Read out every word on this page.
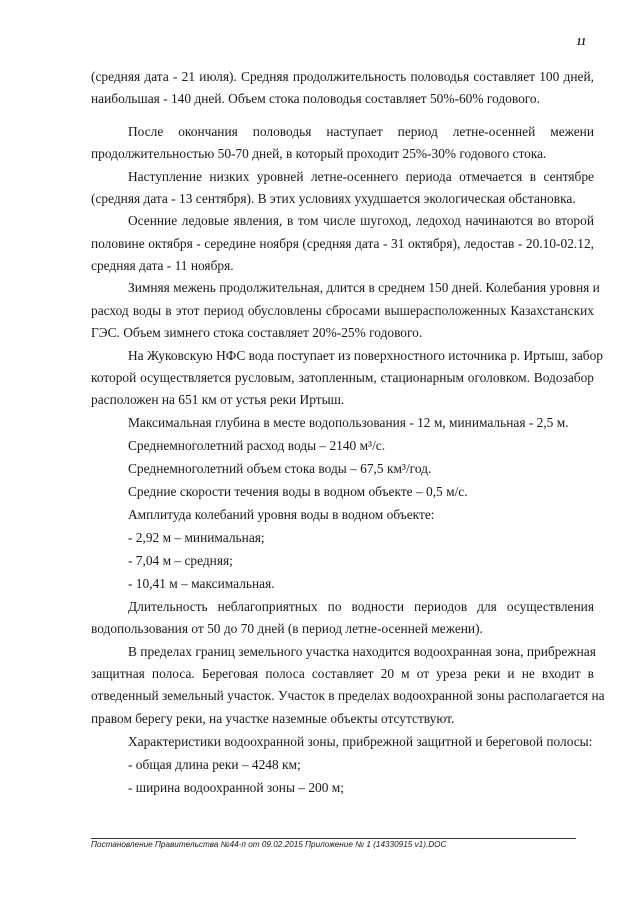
11
(средняя дата - 21 июля). Средняя продолжительность половодья составляет 100 дней,
наибольшая - 140 дней. Объем стока половодья составляет 50%-60% годового.
После окончания половодья наступает период летне-осенней межени
продолжительностью 50-70 дней, в который проходит 25%-30% годового стока.
Наступление низких уровней летне-осеннего периода отмечается в сентябре
(средняя дата - 13 сентября). В этих условиях ухудшается экологическая обстановка.
Осенние ледовые явления, в том числе шугоход, ледоход начинаются во второй
половине октября - середине ноября (средняя дата - 31 октября), ледостав - 20.10-02.12,
средняя дата - 11 ноября.
Зимняя межень продолжительная, длится в среднем 150 дней. Колебания уровня и
расход воды в этот период обусловлены сбросами вышерасположенных Казахстанских
ГЭС. Объем зимнего стока составляет 20%-25% годового.
На Жуковскую НФС вода поступает из поверхностного источника р. Иртыш, забор
которой осуществляется русловым, затопленным, стационарным оголовком. Водозабор
расположен на 651 км от устья реки Иртыш.
Максимальная глубина в месте водопользования - 12 м, минимальная - 2,5 м.
Среднемноголетний расход воды – 2140 м³/с.
Среднемноголетний объем стока воды – 67,5 км³/год.
Средние скорости течения воды в водном объекте – 0,5 м/с.
Амплитуда колебаний уровня воды в водном объекте:
- 2,92 м – минимальная;
- 7,04 м – средняя;
- 10,41 м – максимальная.
Длительность неблагоприятных по водности периодов для осуществления
водопользования от 50 до 70 дней (в период летне-осенней межени).
В пределах границ земельного участка находится водоохранная зона, прибрежная
защитная полоса. Береговая полоса составляет 20 м от уреза реки и не входит в
отведенный земельный участок. Участок в пределах водоохранной зоны располагается на
правом берегу реки, на участке наземные объекты отсутствуют.
Характеристики водоохранной зоны, прибрежной защитной и береговой полосы:
- общая длина реки – 4248 км;
- ширина водоохранной зоны – 200 м;
Постановление Правительства №44-п от 09.02.2015 Приложение № 1 (14330915 v1).DOC
